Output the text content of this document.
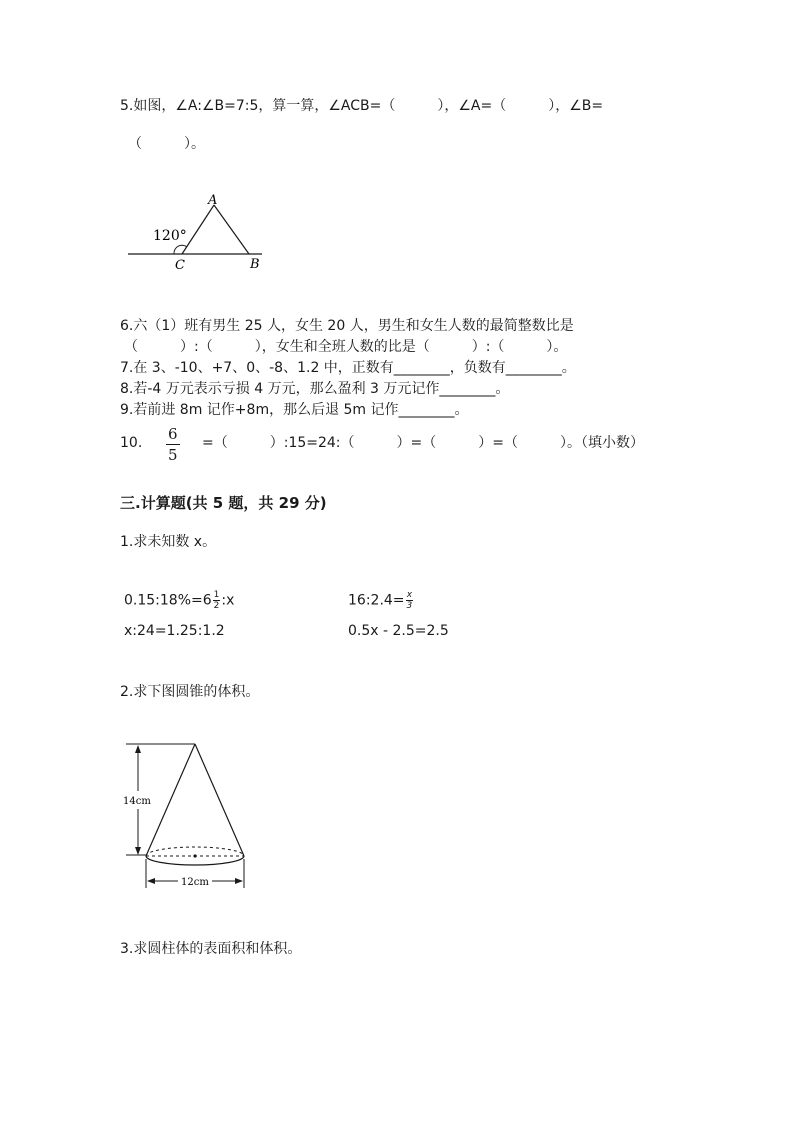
5.如图，∠A:∠B=7:5，算一算，∠ACB=（　　　），∠A=（　　　），∠B=
（　　　）。
A
B
C
120°
6.六（1）班有男生 25 人，女生 20 人，男生和女生人数的最简整数比是
（　　　）:（　　　），女生和全班人数的比是（　　　）:（　　　）。
7.在 3、-10、+7、0、-8、1.2 中，正数有________，负数有________。
8.若-4 万元表示亏损 4 万元，那么盈利 3 万元记作________。
9.若前进 8m 记作+8m，那么后退 5m 记作________。
10. $\frac{6}{5}$ =（　　　）:15=24:（　　　）=（　　　）=（　　　）。（填小数）
三.计算题(共 5 题，共 29 分)
1.求未知数 x。
0.15:18%=6 $\frac{1}{2}$ :x	16:2.4= $\frac{x}{3}$
x:24=1.25:1.2	0.5x - 2.5=2.5
2.求下图圆锥的体积。
14cm
12cm
3.求圆柱体的表面积和体积。
